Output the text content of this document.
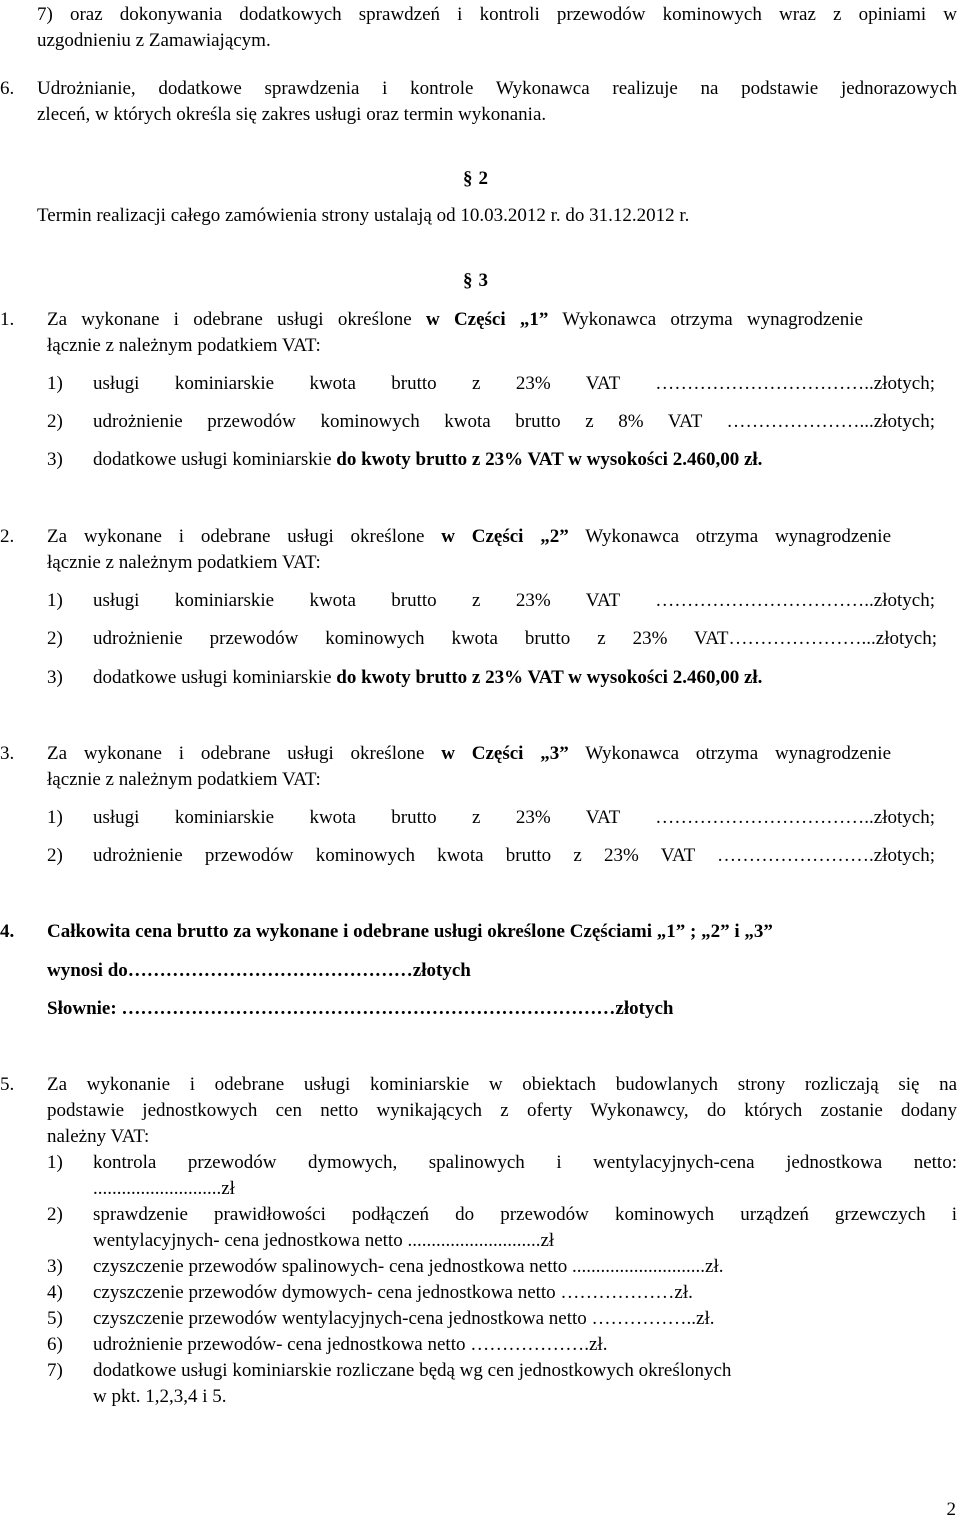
7) oraz dokonywania dodatkowych sprawdzeń i kontroli przewodów kominowych wraz z opiniami w
uzgodnieniu z Zamawiającym.
6. Udrożnianie, dodatkowe sprawdzenia i kontrole Wykonawca realizuje na podstawie jednorazowych
zleceń, w których określa się zakres usługi oraz termin wykonania.
§ 2
Termin realizacji całego zamówienia strony ustalają od 10.03.2012 r. do 31.12.2012 r.
§ 3
1. Za wykonane i odebrane usługi określone w Części „1” Wykonawca otrzyma wynagrodzenie
łącznie z należnym podatkiem VAT:
1) usługi kominiarskie kwota brutto z 23% VAT ……………………………..złotych;
2) udrożnienie przewodów kominowych kwota brutto z 8% VAT …………………...złotych;
3) dodatkowe usługi kominiarskie do kwoty brutto z 23% VAT w wysokości 2.460,00 zł.
2. Za wykonane i odebrane usługi określone w Części „2” Wykonawca otrzyma wynagrodzenie
łącznie z należnym podatkiem VAT:
1) usługi kominiarskie kwota brutto z 23% VAT ……………………………..złotych;
2) udrożnienie przewodów kominowych kwota brutto z 23% VAT…………………...złotych;
3) dodatkowe usługi kominiarskie do kwoty brutto z 23% VAT w wysokości 2.460,00 zł.
3. Za wykonane i odebrane usługi określone w Części „3” Wykonawca otrzyma wynagrodzenie
łącznie z należnym podatkiem VAT:
1) usługi kominiarskie kwota brutto z 23% VAT ……………………………..złotych;
2) udrożnienie przewodów kominowych kwota brutto z 23% VAT …………………….złotych;
4. Całkowita cena brutto za wykonane i odebrane usługi określone Częściami „1” ; „2” i „3”
wynosi do………………………………………złotych
Słownie: ……………………………………………………………………złotych
5. Za wykonanie i odebrane usługi kominiarskie w obiektach budowlanych strony rozliczają się na
podstawie jednostkowych cen netto wynikających z oferty Wykonawcy, do których zostanie dodany
należny VAT:
1) kontrola przewodów dymowych, spalinowych i wentylacyjnych-cena jednostkowa netto:
...........................zł
2) sprawdzenie prawidłowości podłączeń do przewodów kominowych urządzeń grzewczych i
wentylacyjnych- cena jednostkowa netto ............................zł
3) czyszczenie przewodów spalinowych- cena jednostkowa netto ............................zł.
4) czyszczenie przewodów dymowych- cena jednostkowa netto ………………zł.
5) czyszczenie przewodów wentylacyjnych-cena jednostkowa netto ……………..zł.
6) udrożnienie przewodów- cena jednostkowa netto ……………….zł.
7) dodatkowe usługi kominiarskie rozliczane będą wg cen jednostkowych określonych
w pkt. 1,2,3,4 i 5.
2
